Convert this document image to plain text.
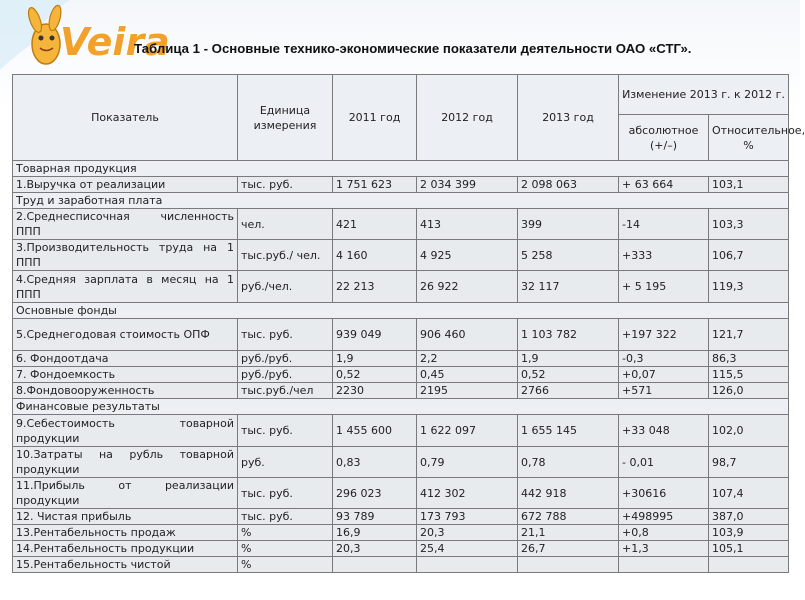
Veira
Таблица 1 - Основные технико-экономические показатели деятельности ОАО «СТГ».
Показатель	Единица измерения	2011 год	2012 год	2013 год	Изменение 2013 г. к 2012 г.	
					абсолютное (+/–)	Относительное, %
Товарная продукция						
1.Выручка от реализации	тыс. руб.	1 751 623	2 034 399	2 098 063	+ 63 664	103,1
Труд и заработная плата						
2.Среднесписочная численность ППП	чел.	421	413	399	-14	103,3
3.Производительность труда на 1 ППП	тыс.руб./ чел.	4 160	4 925	5 258	+333	106,7
4.Средняя зарплата в месяц на 1 ППП	руб./чел.	22 213	26 922	32 117	+ 5 195	119,3
Основные фонды						
5.Среднегодовая стоимость ОПФ	тыс. руб.	939 049	906 460	1 103 782	+197 322	121,7
6. Фондоотдача	руб./руб.	1,9	2,2	1,9	-0,3	86,3
7. Фондоемкость	руб./руб.	0,52	0,45	0,52	+0,07	115,5
8.Фондовооруженность	тыс.руб./чел	2230	2195	2766	+571	126,0
Финансовые результаты						
9.Себестоимость товарной продукции	тыс. руб.	1 455 600	1 622 097	1 655 145	+33 048	102,0
10.Затраты на рубль товарной продукции	руб.	0,83	0,79	0,78	- 0,01	98,7
11.Прибыль от реализации продукции	тыс. руб.	296 023	412 302	442 918	+30616	107,4
12. Чистая прибыль	тыс. руб.	93 789	173 793	672 788	+498995	387,0
13.Рентабельность продаж	%	16,9	20,3	21,1	+0,8	103,9
14.Рентабельность продукции	%	20,3	25,4	26,7	+1,3	105,1
15.Рентабельность чистой	%					
